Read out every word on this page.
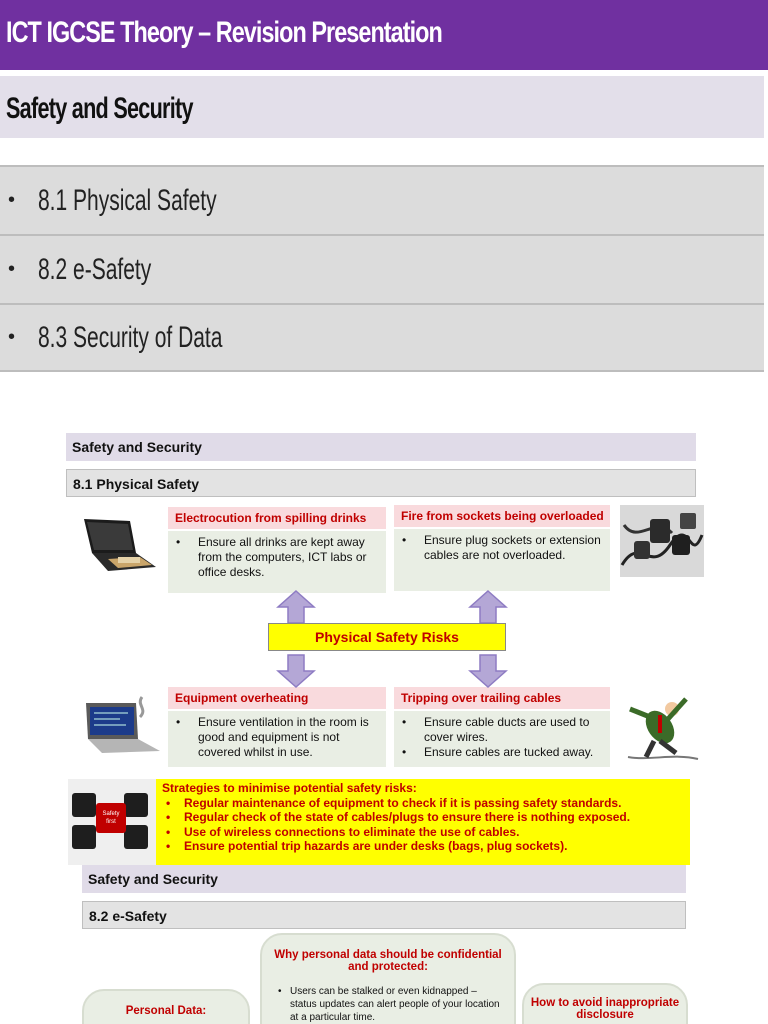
ICT IGCSE Theory – Revision Presentation
Safety and Security
• 8.1 Physical Safety
• 8.2 e-Safety
• 8.3 Security of Data
Safety and Security
8.1 Physical Safety
Electrocution from spilling drinks
•	Ensure all drinks are kept away from the computers, ICT labs or office desks.
Fire from sockets being overloaded
•	Ensure plug sockets or extension cables are not overloaded.
Equipment overheating
•	Ensure ventilation in the room is good and equipment is not covered whilst in use.
Tripping over trailing cables
•	Ensure cable ducts are used to cover wires.
•	Ensure cables are tucked away.
Physical Safety Risks
Safety
first
Strategies to minimise potential safety risks:
•	Regular maintenance of equipment to check if it is passing safety standards.
•	Regular check of the state of cables/plugs to ensure there is nothing exposed.
•	Use of wireless connections to eliminate the use of cables.
•	Ensure potential trip hazards are under desks (bags, plug sockets).
Safety and Security
8.2 e-Safety
Personal Data:
Why personal data should be confidential and protected:
• Users can be stalked or even kidnapped – status updates can alert people of your location at a particular time.
How to avoid inappropriate disclosure
